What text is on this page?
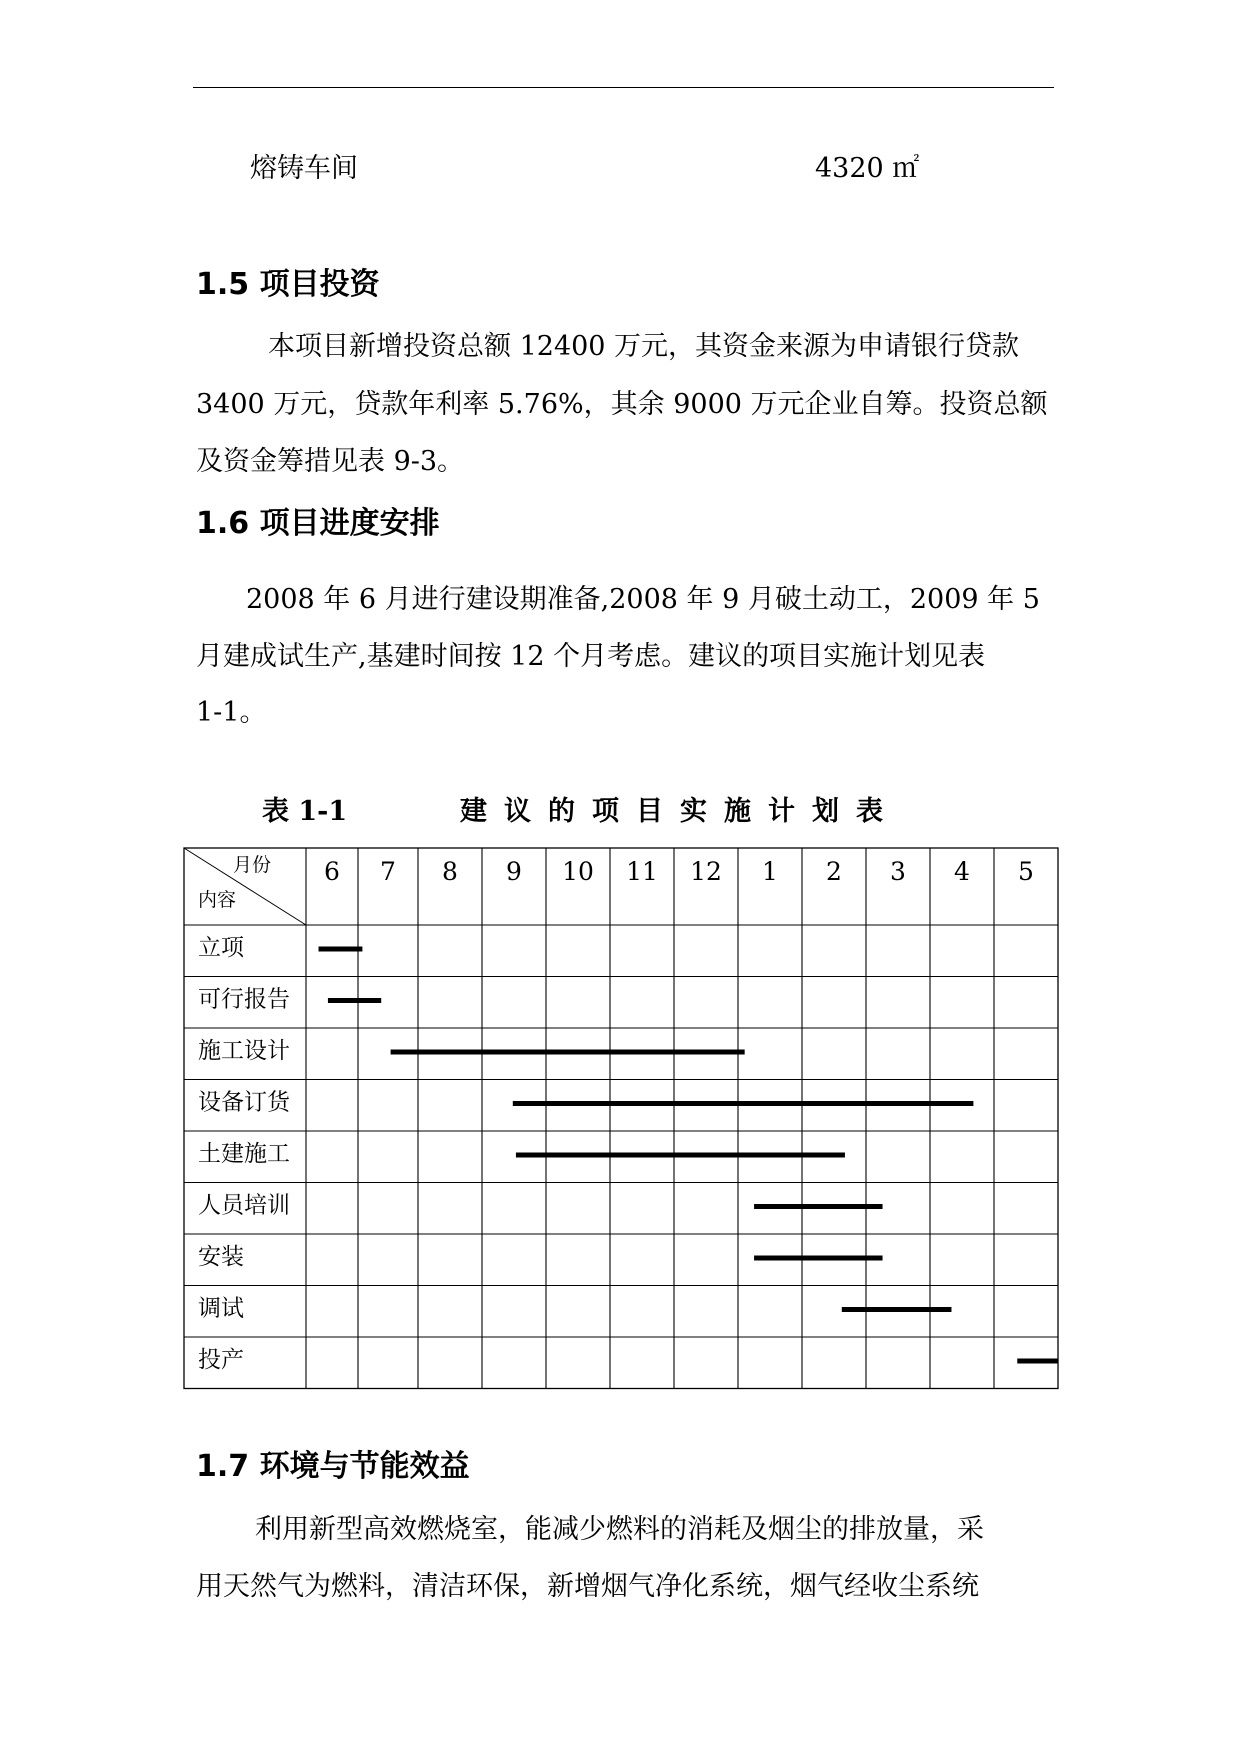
熔铸车间	4320 ㎡
1.5 项目投资
本项目新增投资总额 12400 万元，其资金来源为申请银行贷款
3400 万元，贷款年利率 5.76%，其余 9000 万元企业自筹。投资总额
及资金筹措见表 9-3。
1.6 项目进度安排
2008 年 6 月进行建设期准备,2008 年 9 月破土动工，2009 年 5
月建成试生产,基建时间按 12 个月考虑。建议的项目实施计划见表
1-1。
表 1-1	建议的项目实施计划表
月份
内容
6 7 8 9 10 11 12 1 2 3 4 5
立项
可行报告
施工设计
设备订货
土建施工
人员培训
安装
调试
投产
1.7 环境与节能效益
利用新型高效燃烧室，能减少燃料的消耗及烟尘的排放量，采
用天然气为燃料，清洁环保，新增烟气净化系统，烟气经收尘系统
